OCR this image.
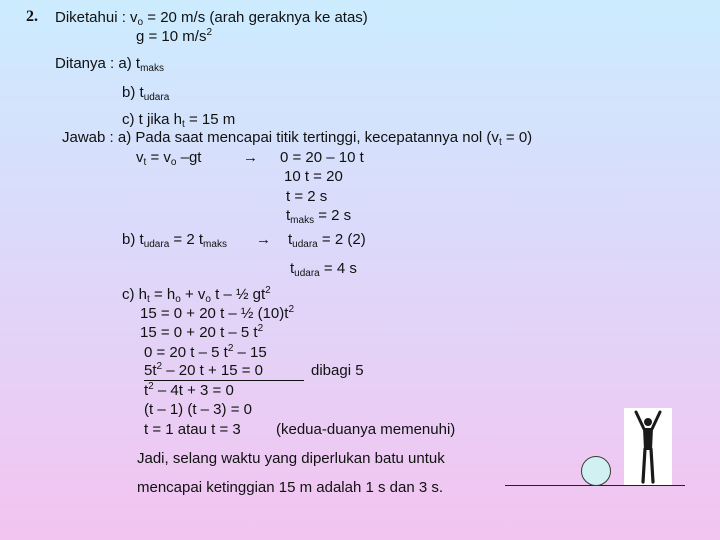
2. Diketahui : $v_o = 20$ m/s (arah geraknya ke atas)
g = 10 $m/s^2$
Ditanya : a) $t_{maks}$
b) $t_{udara}$
c) t jika $h_t = 15$ m
Jawab : a) Pada saat mencapai titik tertinggi, kecepatannya nol $(v_t = 0)$
$v_t = v_o$ –gt	→ 0 = 20 – 10 t
10 t = 20
t = 2 s
$t_{maks} = 2$ s
b) $t_{udara} = 2$ $t_{maks} \to t_{udara} = 2$ (2)
$t_{udara} = 4$ s
c) $h_t = h_o + v_o$ t – ½ $gt^2$
15 = 0 + 20 t – ½ $(10)t^2$
15 = 0 + 20 t – 5 $t^2$
0 = 20 t – 5 $t^2 - 15$
$5t^2 - 20$ t + 15 = 0	dibagi 5
$t^2 - 4t + 3 = 0$
(t – 1) (t – 3) = 0
t = 1 atau t = 3 (kedua-duanya memenuhi)
Jadi, selang waktu yang diperlukan batu untuk
mencapai ketinggian 15 m adalah 1 s dan 3 s.
